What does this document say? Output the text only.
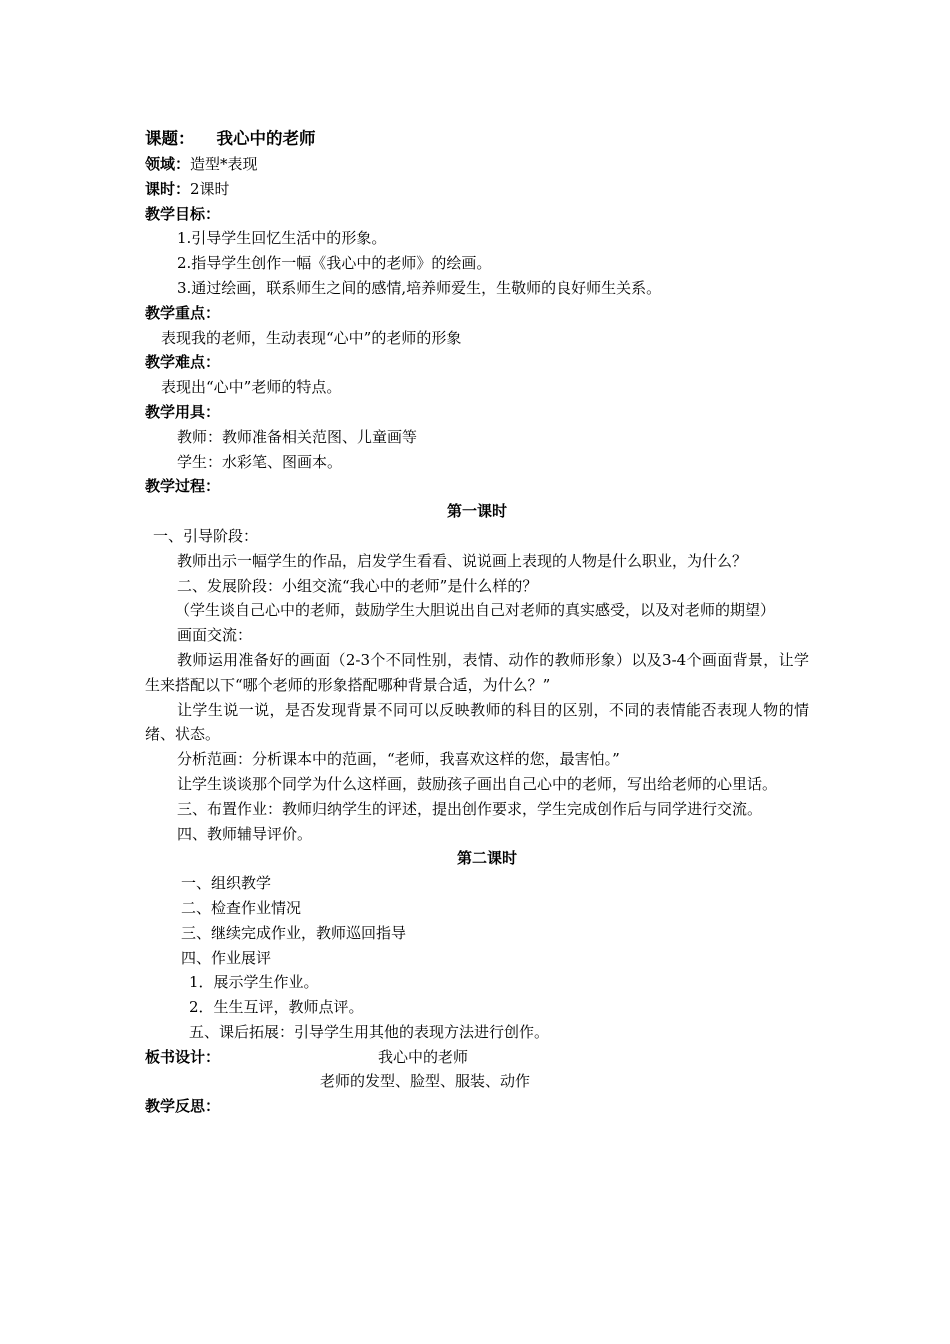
课题： 我心中的老师
领域：造型*表现
课时：2课时
教学目标：
1.引导学生回忆生活中的形象。
2.指导学生创作一幅《我心中的老师》的绘画。
3.通过绘画，联系师生之间的感情,培养师爱生，生敬师的良好师生关系。
教学重点：
表现我的老师，生动表现“心中”的老师的形象
教学难点：
表现出“心中”老师的特点。
教学用具：
教师：教师准备相关范图、儿童画等
学生：水彩笔、图画本。
教学过程：
第一课时
一、引导阶段：
教师出示一幅学生的作品，启发学生看看、说说画上表现的人物是什么职业，为什么？
二、发展阶段：小组交流“我心中的老师”是什么样的？
（学生谈自己心中的老师，鼓励学生大胆说出自己对老师的真实感受，以及对老师的期望）
画面交流：
教师运用准备好的画面（2-3个不同性别，表情、动作的教师形象）以及3-4个画面背景，让学生来搭配以下“哪个老师的形象搭配哪种背景合适，为什么？”
让学生说一说，是否发现背景不同可以反映教师的科目的区别，不同的表情能否表现人物的情绪、状态。
分析范画：分析课本中的范画，“老师，我喜欢这样的您，最害怕。”
让学生谈谈那个同学为什么这样画，鼓励孩子画出自己心中的老师，写出给老师的心里话。
三、布置作业：教师归纳学生的评述，提出创作要求，学生完成创作后与同学进行交流。
四、教师辅导评价。
第二课时
一、组织教学
二、检查作业情况
三、继续完成作业，教师巡回指导
四、作业展评
1．展示学生作业。
2．生生互评，教师点评。
五、课后拓展：引导学生用其他的表现方法进行创作。
板书设计：	我心中的老师
老师的发型、脸型、服装、动作
教学反思：
